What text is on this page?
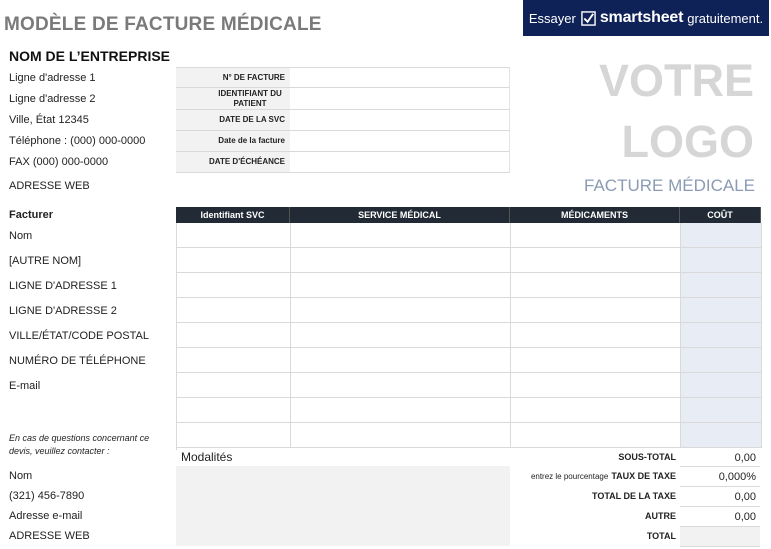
MODÈLE DE FACTURE MÉDICALE	Essayer smartsheet gratuitement.
NOM DE L’ENTREPRISE
Ligne d'adresse 1
Ligne d'adresse 2
Ville, État 12345
Téléphone : (000) 000-0000
FAX (000) 000-0000
ADRESSE WEB
N° DE FACTURE
IDENTIFIANT DU PATIENT
DATE DE LA SVC
Date de la facture
DATE D'ÉCHÉANCE
VOTRE
LOGO
FACTURE MÉDICALE
Facturer
Nom
[AUTRE NOM]
LIGNE D'ADRESSE 1
LIGNE D'ADRESSE 2
VILLE/ÉTAT/CODE POSTAL
NUMÉRO DE TÉLÉPHONE
E-mail
Identifiant SVC	SERVICE MÉDICAL	MÉDICAMENTS	COÛT
En cas de questions concernant ce devis, veuillez contacter :
Nom
(321) 456-7890
Adresse e-mail
ADRESSE WEB
Modalités	SOUS-TOTAL	0,00
entrez le pourcentage TAUX DE TAXE	0,000%
TOTAL DE LA TAXE	0,00
AUTRE	0,00
TOTAL
